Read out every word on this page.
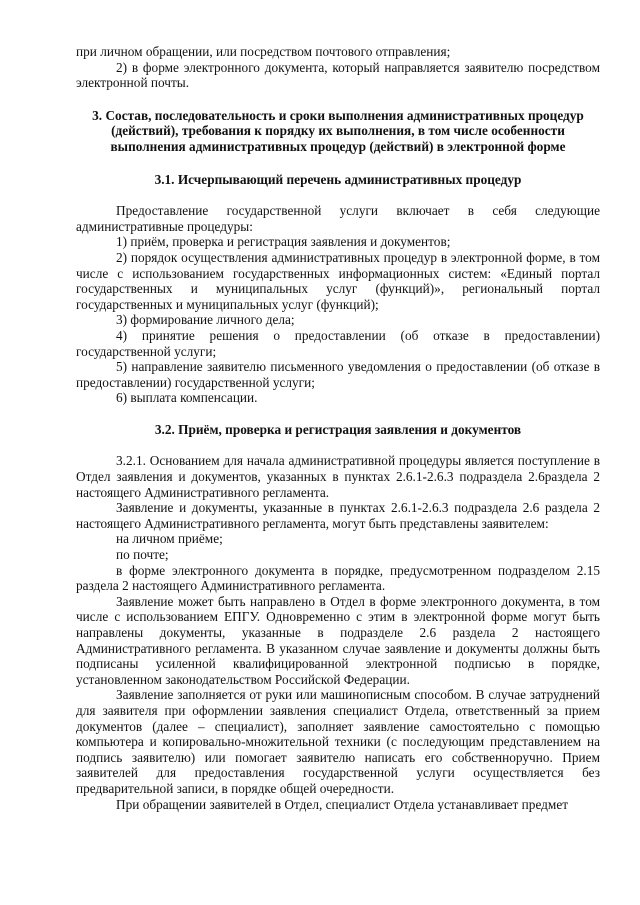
при личном обращении, или посредством почтового отправления;

2) в форме электронного документа, который направляется заявителю посредством электронной почты.

3. Состав, последовательность и сроки выполнения административных процедур (действий), требования к порядку их выполнения, в том числе особенности выполнения административных процедур (действий) в электронной форме
3.1. Исчерпывающий перечень административных процедур

Предоставление государственной услуги включает в себя следующие административные процедуры:

1) приём, проверка и регистрация заявления и документов;

2) порядок осуществления административных процедур в электронной форме, в том числе с использованием государственных информационных систем: «Единый портал государственных и муниципальных услуг (функций)», региональный портал государственных и муниципальных услуг (функций);

3) формирование личного дела;

4) принятие решения о предоставлении (об отказе в предоставлении) государственной услуги;

5) направление заявителю письменного уведомления о предоставлении (об отказе в предоставлении) государственной услуги;

6) выплата компенсации.

3.2. Приём, проверка и регистрация заявления и документов

3.2.1. Основанием для начала административной процедуры является поступление в Отдел заявления и документов, указанных в пунктах 2.6.1-2.6.3 подраздела 2.6раздела 2 настоящего Административного регламента.

Заявление и документы, указанные в пунктах 2.6.1-2.6.3 подраздела 2.6 раздела 2 настоящего Административного регламента, могут быть представлены заявителем:

на личном приёме;

по почте;

в форме электронного документа в порядке, предусмотренном подразделом 2.15 раздела 2 настоящего Административного регламента.

Заявление может быть направлено в Отдел в форме электронного документа, в том числе с использованием ЕПГУ. Одновременно с этим в электронной форме могут быть направлены документы, указанные в подразделе 2.6 раздела 2 настоящего Административного регламента. В указанном случае заявление и документы должны быть подписаны усиленной квалифицированной электронной подписью в порядке, установленном законодательством Российской Федерации.

Заявление заполняется от руки или машинописным способом. В случае затруднений для заявителя при оформлении заявления специалист Отдела, ответственный за прием документов (далее – специалист), заполняет заявление самостоятельно с помощью компьютера и копировально-множительной техники (с последующим представлением на подпись заявителю) или помогает заявителю написать его собственноручно. Прием заявителей для предоставления государственной услуги осуществляется без предварительной записи, в порядке общей очередности.

При обращении заявителей в Отдел, специалист Отдела устанавливает предмет
